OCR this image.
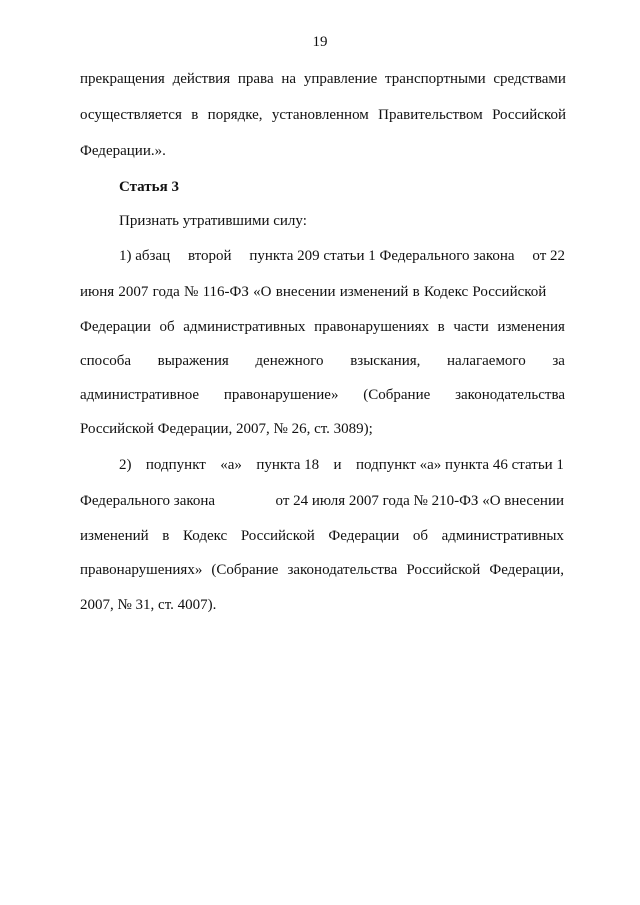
19
прекращения действия права на управление транспортными средствами
осуществляется в порядке, установленном Правительством Российской
Федерации.».
Статья 3
Признать утратившими силу:
1) абзац второй пункта 209 статьи 1 Федерального закона от 22
июня 2007 года № 116-ФЗ «О внесении изменений в Кодекс Российской
Федерации об административных правонарушениях в части изменения
способа выражения денежного взыскания, налагаемого за
административное правонарушение» (Собрание законодательства
Российской Федерации, 2007, № 26, ст. 3089);
2) подпункт «а» пункта 18 и подпункт «а» пункта 46 статьи 1
Федерального закона	от 24 июля 2007 года № 210-ФЗ «О внесении
изменений в Кодекс Российской Федерации об административных
правонарушениях» (Собрание законодательства Российской Федерации,
2007, № 31, ст. 4007).
